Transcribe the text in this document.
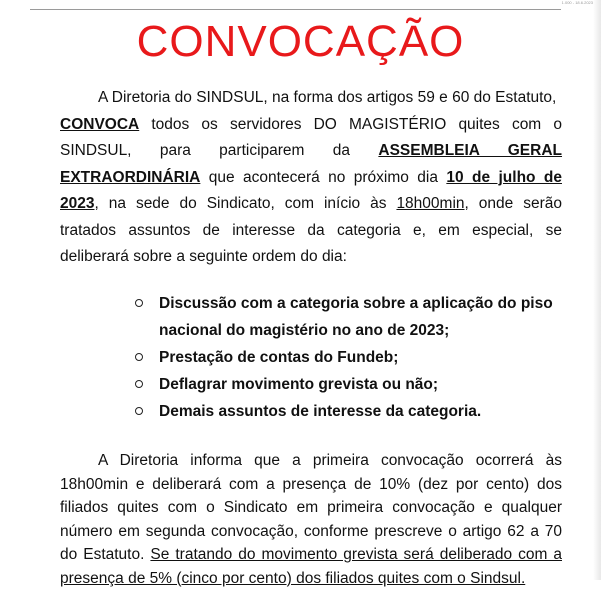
1.000 - 18.6.2023
CONVOCAÇÃO
A Diretoria do SINDSUL, na forma dos artigos 59 e 60 do Estatuto,
CONVOCA todos os servidores DO MAGISTÉRIO quites com o SINDSUL, para participarem da ASSEMBLEIA GERAL EXTRAORDINÁRIA que acontecerá no próximo dia 10 de julho de 2023, na sede do Sindicato, com início às 18h00min, onde serão tratados assuntos de interesse da categoria e, em especial, se deliberará sobre a seguinte ordem do dia:
Discussão com a categoria sobre a aplicação do piso nacional do magistério no ano de 2023;
Prestação de contas do Fundeb;
Deflagrar movimento grevista ou não;
Demais assuntos de interesse da categoria.
A Diretoria informa que a primeira convocação ocorrerá às 18h00min e deliberará com a presença de 10% (dez por cento) dos filiados quites com o Sindicato em primeira convocação e qualquer número em segunda convocação, conforme prescreve o artigo 62 a 70 do Estatuto. Se tratando do movimento grevista será deliberado com a presença de 5% (cinco por cento) dos filiados quites com o Sindsul.
